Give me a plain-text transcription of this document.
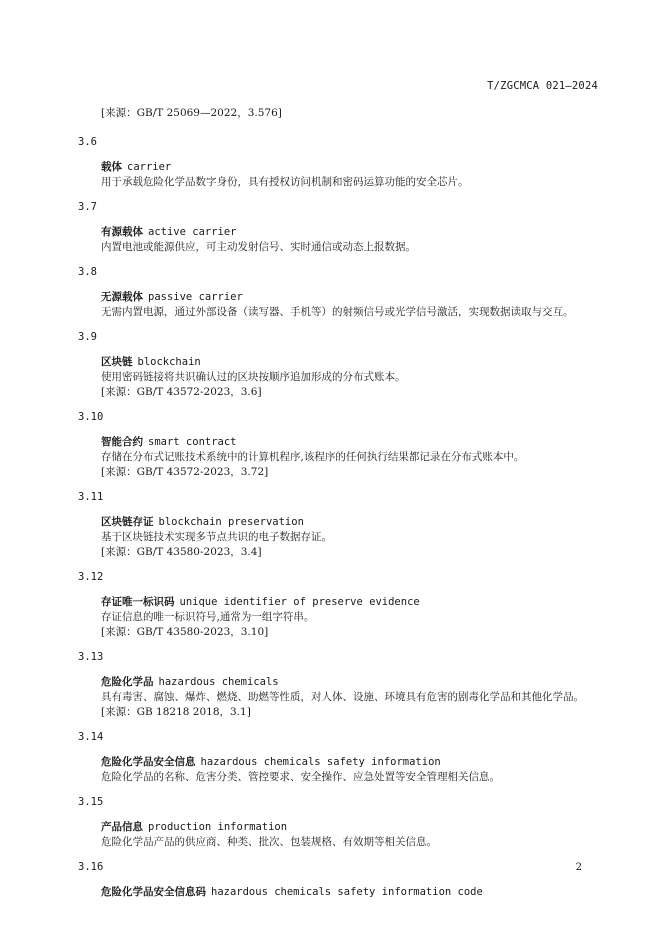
T/ZGCMCA 021—2024
[来源：GB/T 25069—2022，3.576]
3.6
载体 carrier
用于承载危险化学品数字身份，具有授权访问机制和密码运算功能的安全芯片。
3.7
有源载体 active carrier
内置电池或能源供应，可主动发射信号、实时通信或动态上报数据。
3.8
无源载体 passive carrier
无需内置电源，通过外部设备（读写器、手机等）的射频信号或光学信号激活，实现数据读取与交互。
3.9
区块链 blockchain
使用密码链接将共识确认过的区块按顺序追加形成的分布式账本。
[来源：GB/T 43572-2023，3.6]
3.10
智能合约 smart contract
存储在分布式记账技术系统中的计算机程序,该程序的任何执行结果都记录在分布式账本中。
[来源：GB/T 43572-2023，3.72]
3.11
区块链存证 blockchain preservation
基于区块链技术实现多节点共识的电子数据存证。
[来源：GB/T 43580-2023，3.4]
3.12
存证唯一标识码 unique identifier of preserve evidence
存证信息的唯一标识符号,通常为一组字符串。
[来源：GB/T 43580-2023，3.10]
3.13
危险化学品 hazardous chemicals
具有毒害、腐蚀、爆炸、燃烧、助燃等性质，对人体、设施、环境具有危害的剧毒化学品和其他化学品。
[来源：GB 18218 2018，3.1]
3.14
危险化学品安全信息 hazardous chemicals safety information
危险化学品的名称、危害分类、管控要求、安全操作、应急处置等安全管理相关信息。
3.15
产品信息 production information
危险化学品产品的供应商、种类、批次、包装规格、有效期等相关信息。
3.16
危险化学品安全信息码 hazardous chemicals safety information code
2
